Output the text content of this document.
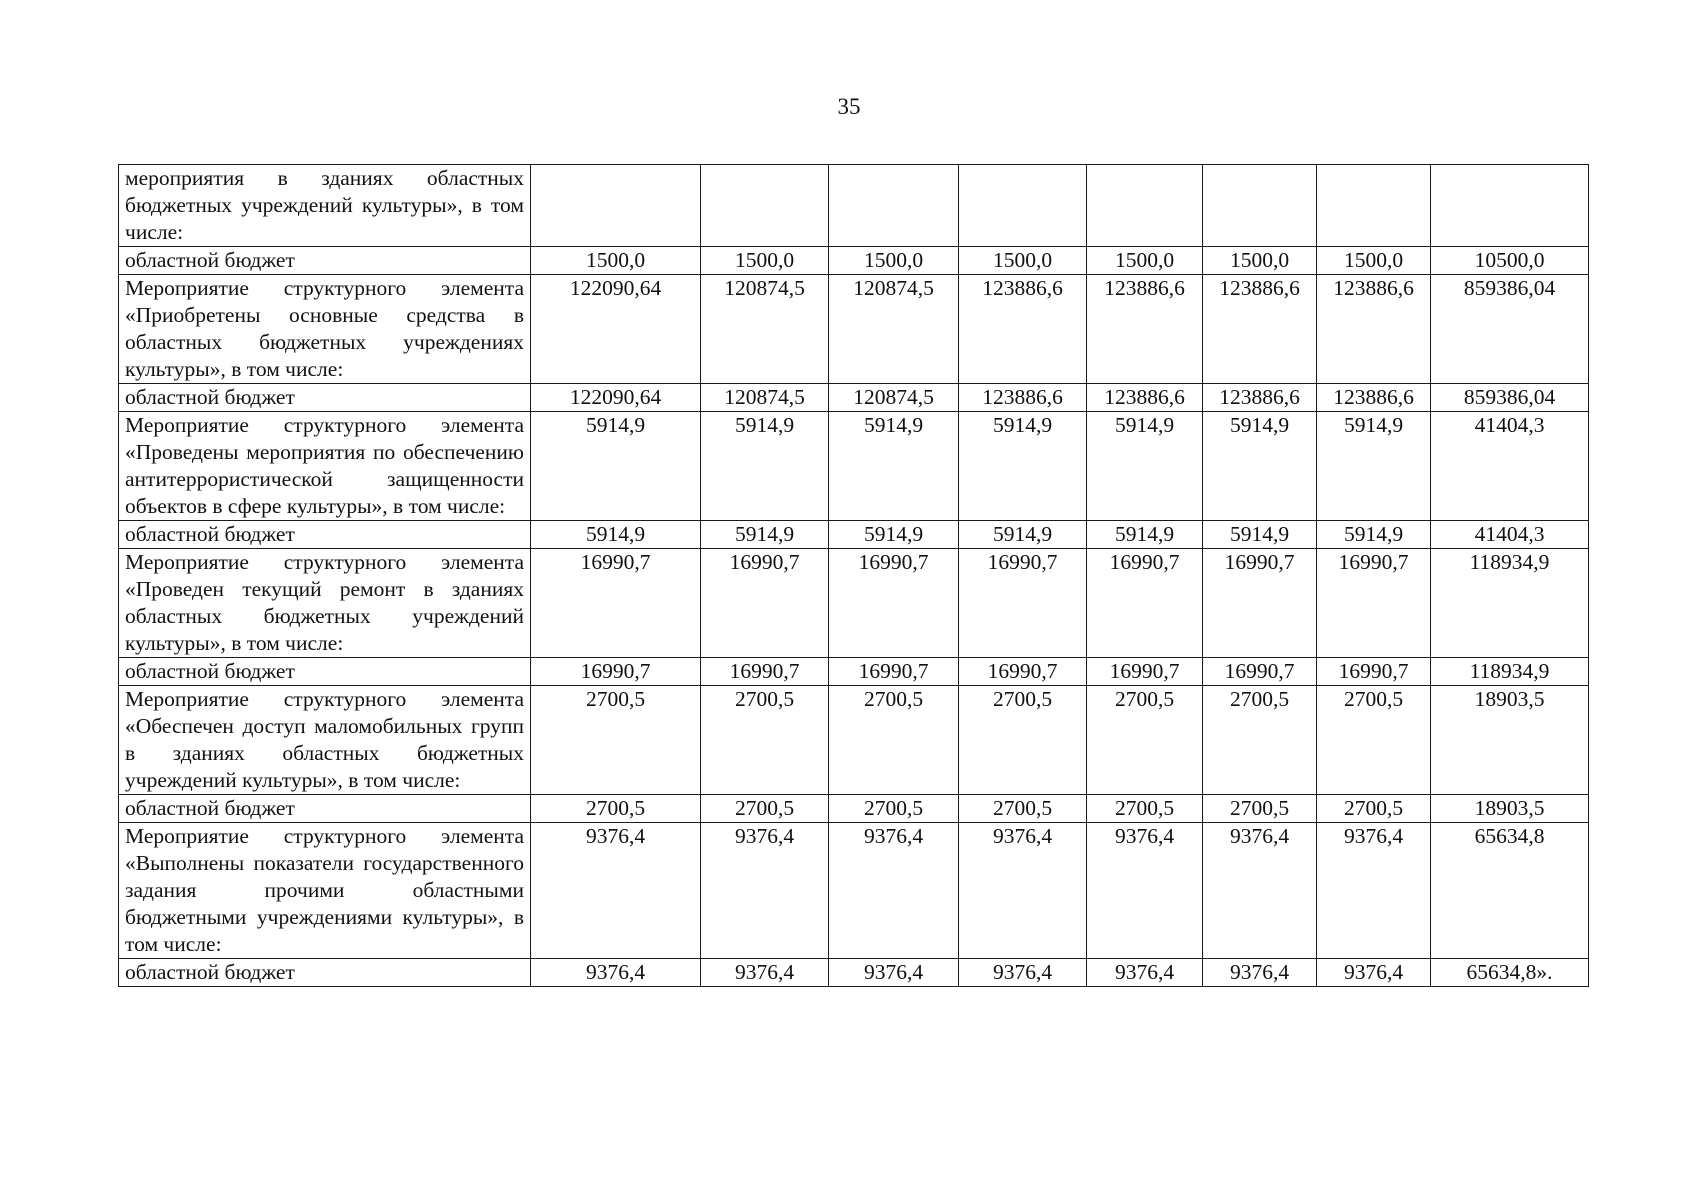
35
мероприятия в зданиях областных бюджетных учреждений культуры», в том числе:								
областной бюджет	1500,0	1500,0	1500,0	1500,0	1500,0	1500,0	1500,0	10500,0
Мероприятие структурного элемента «Приобретены основные средства в областных бюджетных учреждениях культуры», в том числе:	122090,64	120874,5	120874,5	123886,6	123886,6	123886,6	123886,6	859386,04
областной бюджет	122090,64	120874,5	120874,5	123886,6	123886,6	123886,6	123886,6	859386,04
Мероприятие структурного элемента «Проведены мероприятия по обеспечению антитеррористической защищенности объектов в сфере культуры», в том числе:	5914,9	5914,9	5914,9	5914,9	5914,9	5914,9	5914,9	41404,3
областной бюджет	5914,9	5914,9	5914,9	5914,9	5914,9	5914,9	5914,9	41404,3
Мероприятие структурного элемента «Проведен текущий ремонт в зданиях областных бюджетных учреждений культуры», в том числе:	16990,7	16990,7	16990,7	16990,7	16990,7	16990,7	16990,7	118934,9
областной бюджет	16990,7	16990,7	16990,7	16990,7	16990,7	16990,7	16990,7	118934,9
Мероприятие структурного элемента «Обеспечен доступ маломобильных групп в зданиях областных бюджетных учреждений культуры», в том числе:	2700,5	2700,5	2700,5	2700,5	2700,5	2700,5	2700,5	18903,5
областной бюджет	2700,5	2700,5	2700,5	2700,5	2700,5	2700,5	2700,5	18903,5
Мероприятие структурного элемента «Выполнены показатели государственного задания прочими областными бюджетными учреждениями культуры», в том числе:	9376,4	9376,4	9376,4	9376,4	9376,4	9376,4	9376,4	65634,8
областной бюджет	9376,4	9376,4	9376,4	9376,4	9376,4	9376,4	9376,4	65634,8».
